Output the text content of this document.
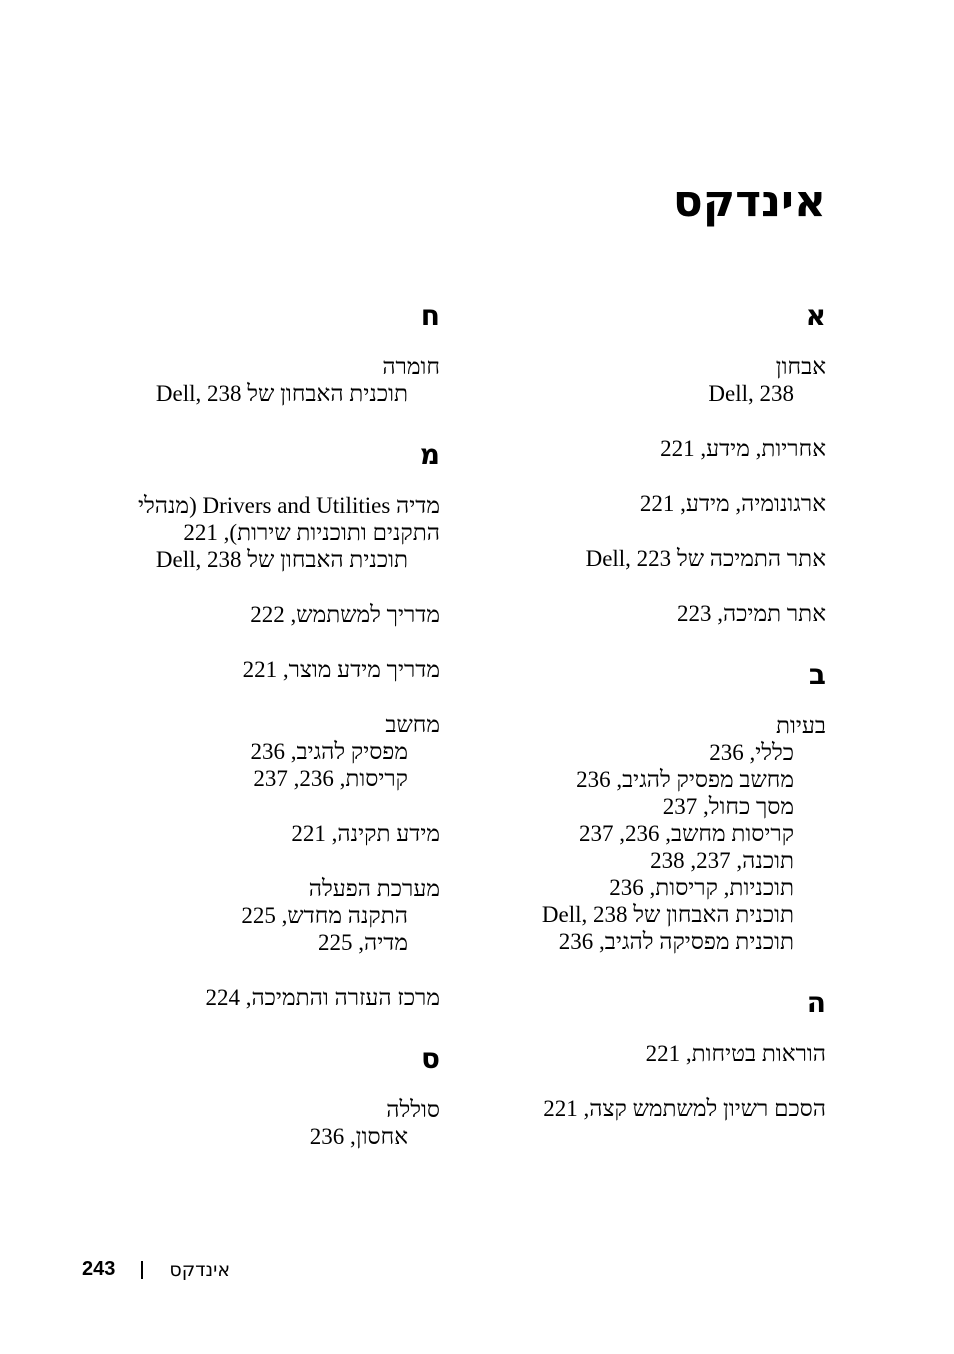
אינדקס
א
אבחון
Dell, 238
אחריות, מידע, 221
ארגונומיה, מידע, 221
אתר התמיכה של Dell, 223
אתר תמיכה, 223
ב
בעיות
כללי, 236
מחשב מפסיק להגיב, 236
מסך כחול, 237
קריסות מחשב, 236, 237
תוכנה, 237, 238
תוכניות, קריסות, 236
תוכנית האבחון של Dell, 238
תוכנית מפסיקה להגיב, 236
ה
הוראות בטיחות, 221
הסכם רשיון למשתמש קצה, 221
ח
חומרה
תוכנית האבחון של Dell, 238
מ
מדיה Drivers and Utilities (מנהלי
התקנים ותוכניות שירות), 221
תוכנית האבחון של Dell, 238
מדריך למשתמש, 222
מדריך מידע מוצר, 221
מחשב
מפסיק להגיב, 236
קריסות, 236, 237
מידע תקינה, 221
מערכת הפעלה
התקנה מחדש, 225
מדיה, 225
מרכז העזרה והתמיכה, 224
ס
סוללה
אחסון, 236
243	אינדקס
